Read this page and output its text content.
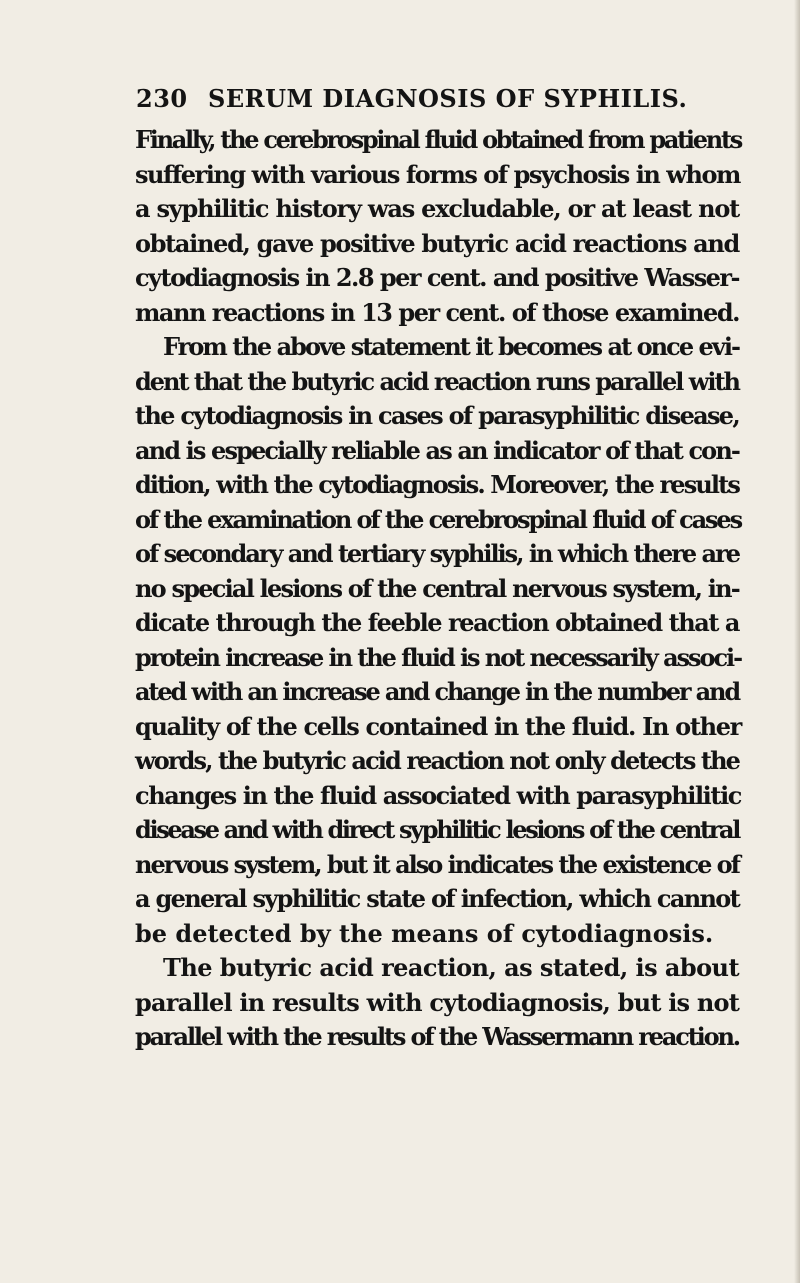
230 SERUM DIAGNOSIS OF SYPHILIS.
Finally, the cerebrospinal fluid obtained from patients
suffering with various forms of psychosis in whom
a syphilitic history was excludable, or at least not
obtained, gave positive butyric acid reactions and
cytodiagnosis in 2.8 per cent. and positive Wasser-
mann reactions in 13 per cent. of those examined.
From the above statement it becomes at once evi-
dent that the butyric acid reaction runs parallel with
the cytodiagnosis in cases of parasyphilitic disease,
and is especially reliable as an indicator of that con-
dition, with the cytodiagnosis. Moreover, the results
of the examination of the cerebrospinal fluid of cases
of secondary and tertiary syphilis, in which there are
no special lesions of the central nervous system, in-
dicate through the feeble reaction obtained that a
protein increase in the fluid is not necessarily associ-
ated with an increase and change in the number and
quality of the cells contained in the fluid. In other
words, the butyric acid reaction not only detects the
changes in the fluid associated with parasyphilitic
disease and with direct syphilitic lesions of the central
nervous system, but it also indicates the existence of
a general syphilitic state of infection, which cannot
be detected by the means of cytodiagnosis.
The butyric acid reaction, as stated, is about
parallel in results with cytodiagnosis, but is not
parallel with the results of the Wassermann reaction.
